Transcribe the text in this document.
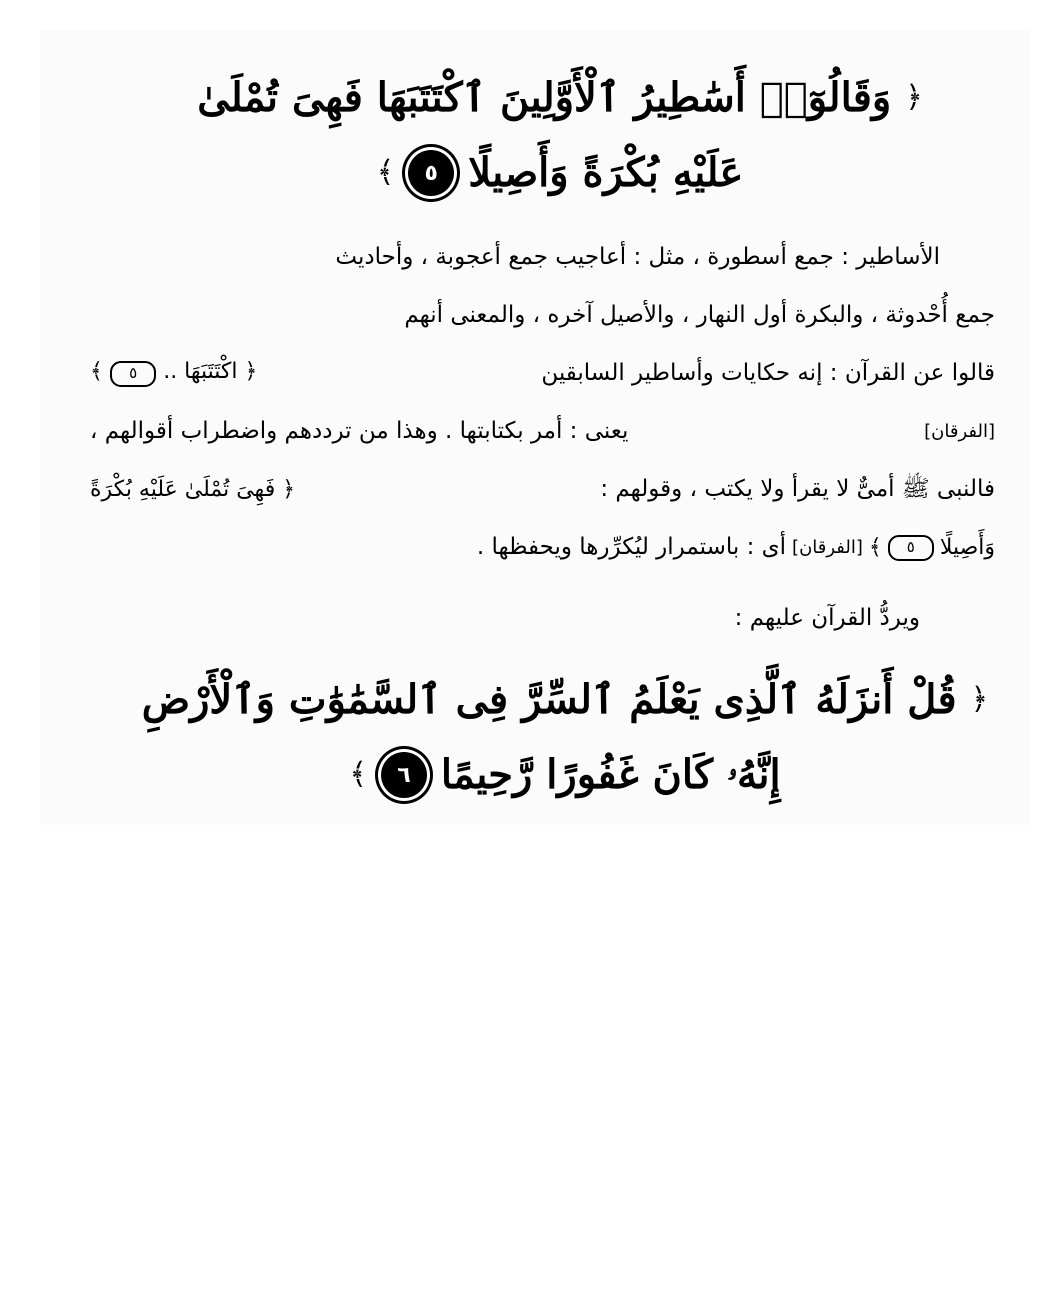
﴿
وَقَالُوٓا۟ أَسَٰطِيرُ ٱلْأَوَّلِينَ ٱكْتَتَبَهَا فَهِىَ تُمْلَىٰ
عَلَيْهِ بُكْرَةً وَأَصِيلًا
٥
﴾
الأساطير : جمع أسطورة ، مثل : أعاجيب جمع أعجوبة ، وأحاديث
جمع أُحْدوثة ، والبكرة أول النهار ، والأصيل آخره ، والمعنى أنهم
قالوا عن القرآن : إنه حكايات وأساطير السابقين
﴿ اكْتَتَبَهَا .. ٥ ﴾
[الفرقان]
يعنى : أمر بكتابتها . وهذا من ترددهم واضطراب أقوالهم ،
فالنبى ﷺ أمىٌّ لا يقرأ ولا يكتب ، وقولهم :
﴿ فَهِىَ تُمْلَىٰ عَلَيْهِ بُكْرَةً
وَأَصِيلًا
٥
﴾
[الفرقان]
أى : باستمرار ليُكرِّرها ويحفظها .
ويردُّ القرآن عليهم :
﴿
قُلْ أَنزَلَهُ ٱلَّذِى يَعْلَمُ ٱلسِّرَّ فِى ٱلسَّمَٰوَٰتِ وَٱلْأَرْضِ
إِنَّهُۥ كَانَ غَفُورًا رَّحِيمًا
٦
﴾
